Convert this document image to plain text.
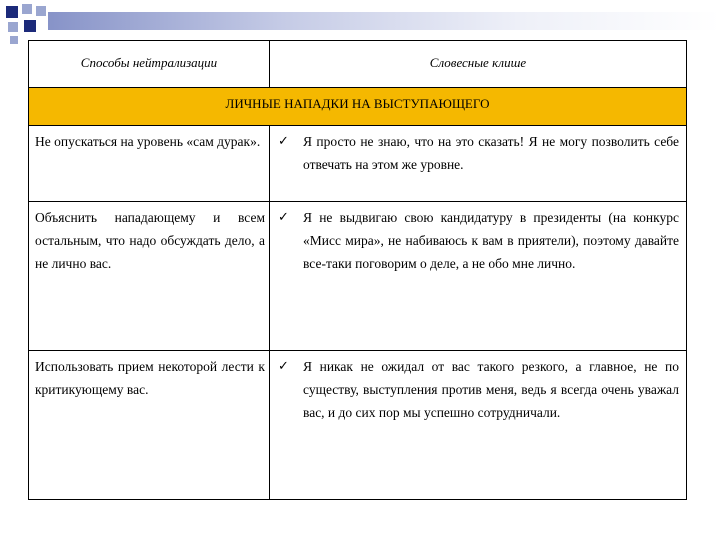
Способы нейтрализации	Словесные клише
ЛИЧНЫЕ НАПАДКИ НА ВЫСТУПАЮЩЕГО
Не опускаться на уровень «сам дурак».	✓ Я просто не знаю, что на это сказать! Я не могу позволить себе отвечать на этом же уровне.
Объяснить нападающему и всем остальным, что надо обсуждать дело, а не лично вас.
✓ Я не выдвигаю свою кандидатуру в президенты (на конкурс «Мисс мира», не набиваюсь к вам в приятели), поэтому давайте все-таки поговорим о деле, а не обо мне лично.
Использовать прием некоторой лести к критикующему вас.
✓ Я никак не ожидал от вас такого резкого, а главное, не по существу, выступления против меня, ведь я всегда очень уважал вас, и до сих пор мы успешно сотрудничали.
